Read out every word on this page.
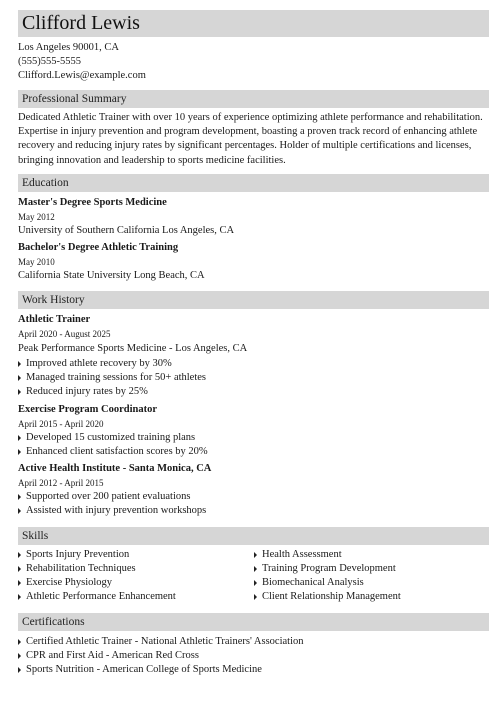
Clifford Lewis
Los Angeles 90001, CA
(555)555-5555
Clifford.Lewis@example.com
Professional Summary
Dedicated Athletic Trainer with over 10 years of experience optimizing athlete performance and rehabilitation. Expertise in injury prevention and program development, boasting a proven track record of enhancing athlete recovery and reducing injury rates by significant percentages. Holder of multiple certifications and licenses, bringing innovation and leadership to sports medicine facilities.
Education
Master's Degree Sports Medicine
May 2012
University of Southern California Los Angeles, CA
Bachelor's Degree Athletic Training
May 2010
California State University Long Beach, CA
Work History
Athletic Trainer
April 2020 - August 2025
Peak Performance Sports Medicine - Los Angeles, CA
Improved athlete recovery by 30%
Managed training sessions for 50+ athletes
Reduced injury rates by 25%
Exercise Program Coordinator
April 2015 - April 2020
Developed 15 customized training plans
Enhanced client satisfaction scores by 20%
Active Health Institute - Santa Monica, CA
April 2012 - April 2015
Supported over 200 patient evaluations
Assisted with injury prevention workshops
Skills
Sports Injury Prevention
Rehabilitation Techniques
Exercise Physiology
Athletic Performance Enhancement
Health Assessment
Training Program Development
Biomechanical Analysis
Client Relationship Management
Certifications
Certified Athletic Trainer - National Athletic Trainers' Association
CPR and First Aid - American Red Cross
Sports Nutrition - American College of Sports Medicine
